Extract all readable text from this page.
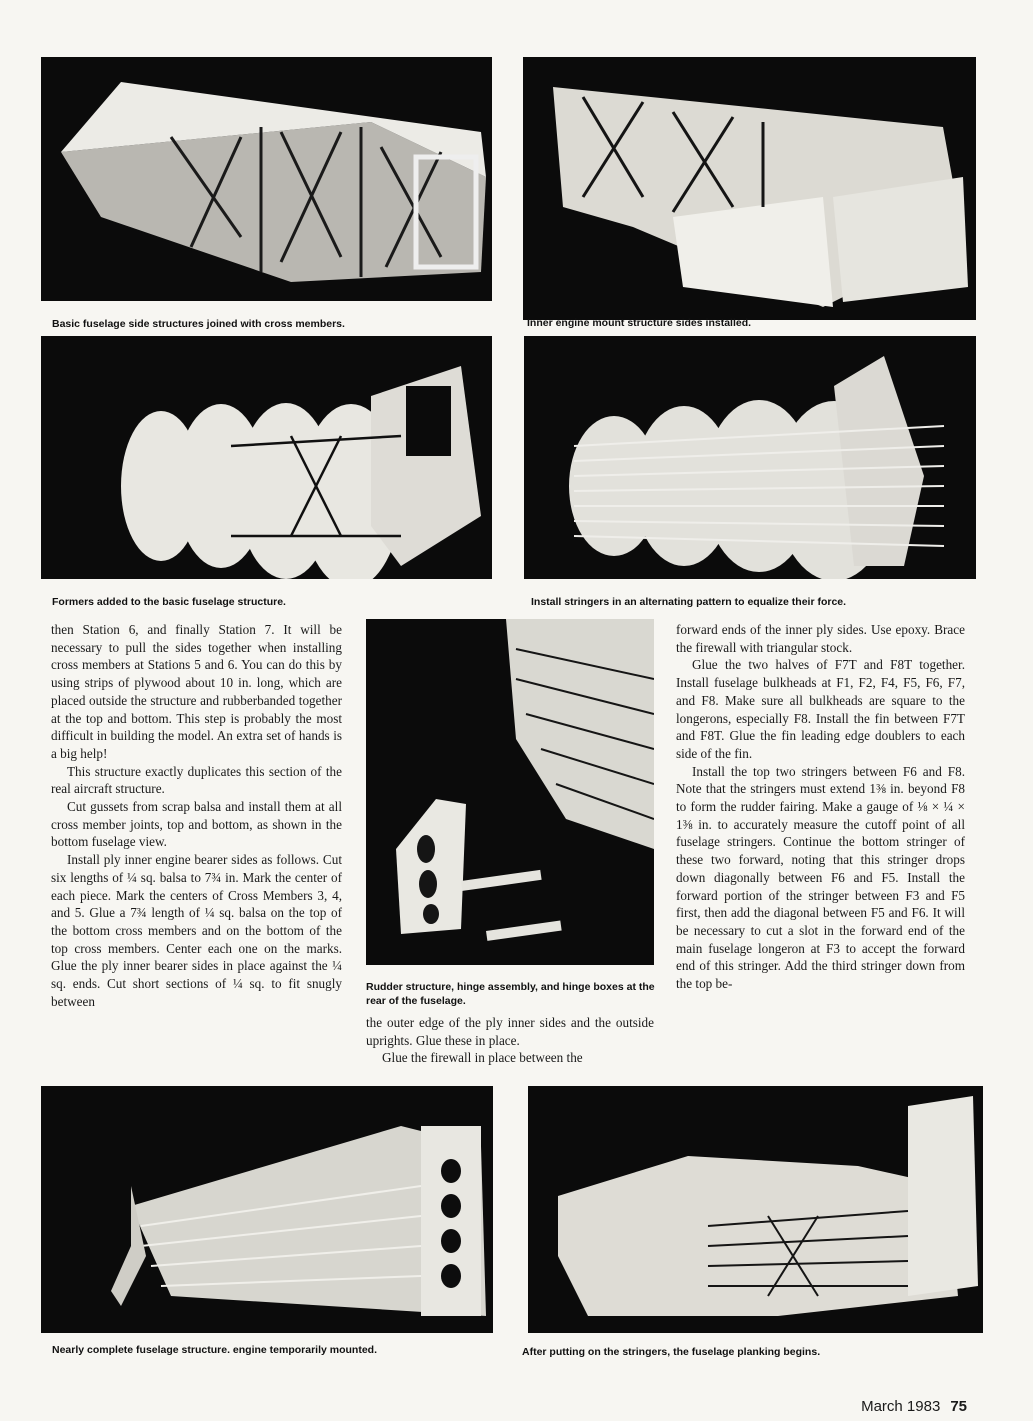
Basic fuselage side structures joined with cross members.	Inner engine mount structure sides installed.
Formers added to the basic fuselage structure.	Install stringers in an alternating pattern to equalize their force.
Rudder structure, hinge assembly, and hinge boxes at the rear of the fuselage.
Nearly complete fuselage structure. engine temporarily mounted.	After putting on the stringers, the fuselage planking begins.

then Station 6, and finally Station 7. It will be necessary to pull the sides together when installing cross members at Stations 5 and 6. You can do this by using strips of plywood about 10 in. long, which are placed outside the structure and rubberbanded together at the top and bottom. This step is probably the most difficult in building the model. An extra set of hands is a big help!

This structure exactly duplicates this section of the real aircraft structure.

Cut gussets from scrap balsa and install them at all cross member joints, top and bottom, as shown in the bottom fuselage view.

Install ply inner engine bearer sides as follows. Cut six lengths of ¼ sq. balsa to 7¾ in. Mark the center of each piece. Mark the centers of Cross Members 3, 4, and 5. Glue a 7¾ length of ¼ sq. balsa on the top of the bottom cross members and on the bottom of the top cross members. Center each one on the marks. Glue the ply inner bearer sides in place against the ¼ sq. ends. Cut short sections of ¼ sq. to fit snugly between

the outer edge of the ply inner sides and the outside uprights. Glue these in place.

Glue the firewall in place between the

forward ends of the inner ply sides. Use epoxy. Brace the firewall with triangular stock.

Glue the two halves of F7T and F8T together. Install fuselage bulkheads at F1, F2, F4, F5, F6, F7, and F8. Make sure all bulkheads are square to the longerons, especially F8. Install the fin between F7T and F8T. Glue the fin leading edge doublers to each side of the fin.

Install the top two stringers between F6 and F8. Note that the stringers must extend 1⅜ in. beyond F8 to form the rudder fairing. Make a gauge of ⅛ × ¼ × 1⅜ in. to accurately measure the cutoff point of all fuselage stringers. Continue the bottom stringer of these two forward, noting that this stringer drops down diagonally between F6 and F5. Install the forward portion of the stringer between F3 and F5 first, then add the diagonal between F5 and F6. It will be necessary to cut a slot in the forward end of the main fuselage longeron at F3 to accept the forward end of this stringer. Add the third stringer down from the top be-

March 1983 75
